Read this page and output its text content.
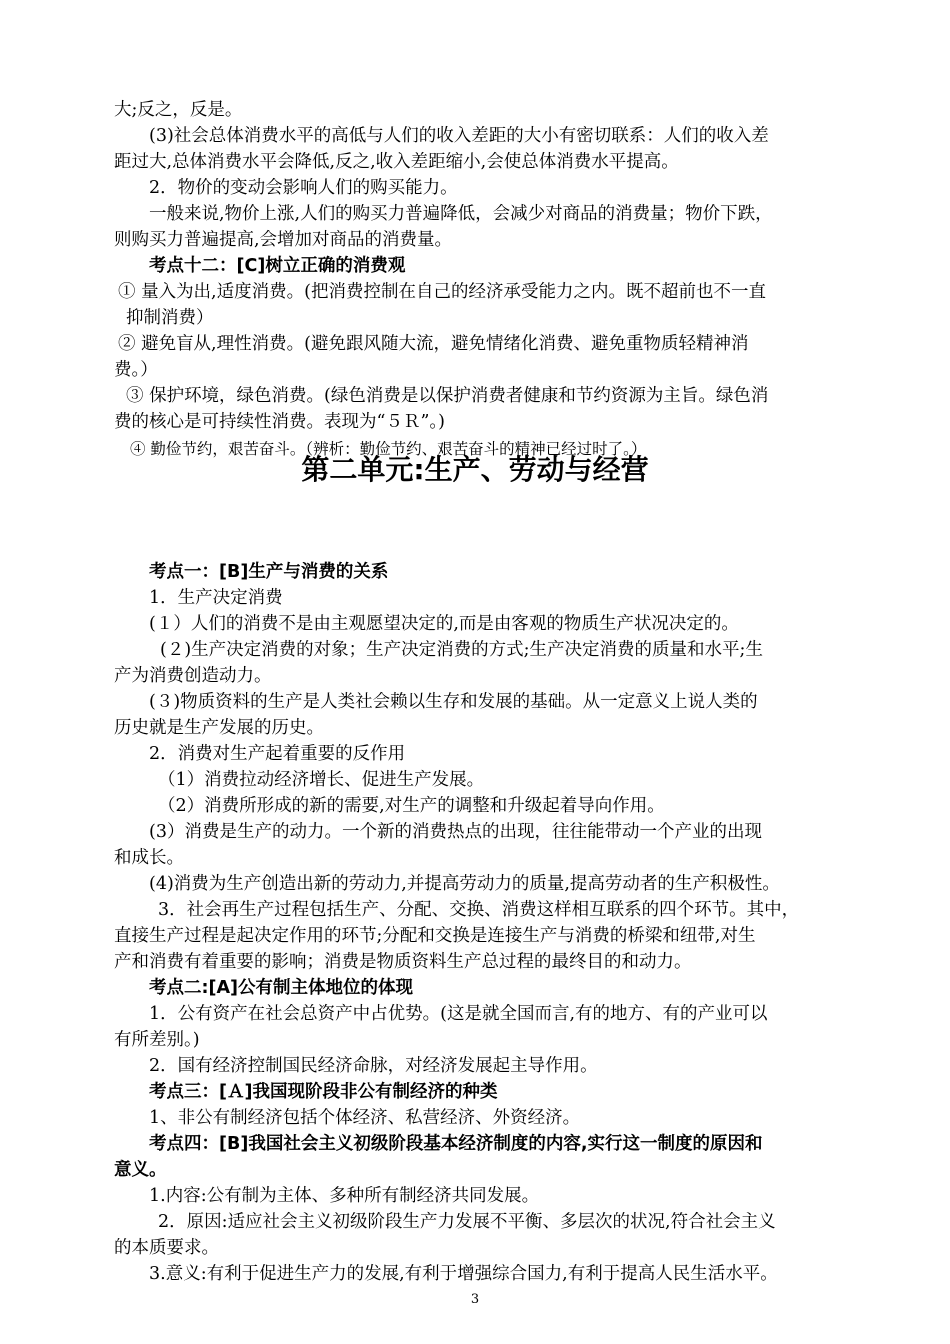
大;反之，反是。
(3)社会总体消费水平的高低与人们的收入差距的大小有密切联系：人们的收入差
距过大,总体消费水平会降低,反之,收入差距缩小,会使总体消费水平提高。
2．物价的变动会影响人们的购买能力。
一般来说,物价上涨,人们的购买力普遍降低，会减少对商品的消费量；物价下跌，
则购买力普遍提高,会增加对商品的消费量。
考点十二：[C]树立正确的消费观
① 量入为出,适度消费。(把消费控制在自己的经济承受能力之内。既不超前也不一直
抑制消费）
② 避免盲从,理性消费。(避免跟风随大流，避免情绪化消费、避免重物质轻精神消
费。）
③ 保护环境，绿色消费。(绿色消费是以保护消费者健康和节约资源为主旨。绿色消
费的核心是可持续性消费。表现为“５Ｒ”。)
④ 勤俭节约，艰苦奋斗。（辨析：勤俭节约、艰苦奋斗的精神已经过时了。）
第二单元:生产、劳动与经营
考点一：[B]生产与消费的关系
1．生产决定消费
(１）人们的消费不是由主观愿望决定的,而是由客观的物质生产状况决定的。
(２)生产决定消费的对象；生产决定消费的方式;生产决定消费的质量和水平;生
产为消费创造动力。
(３)物质资料的生产是人类社会赖以生存和发展的基础。从一定意义上说人类的
历史就是生产发展的历史。
2．消费对生产起着重要的反作用
（1）消费拉动经济增长、促进生产发展。
（2）消费所形成的新的需要,对生产的调整和升级起着导向作用。
(3）消费是生产的动力。一个新的消费热点的出现，往往能带动一个产业的出现
和成长。
(4)消费为生产创造出新的劳动力,并提高劳动力的质量,提高劳动者的生产积极性。
3．社会再生产过程包括生产、分配、交换、消费这样相互联系的四个环节。其中，
直接生产过程是起决定作用的环节;分配和交换是连接生产与消费的桥梁和纽带,对生
产和消费有着重要的影响；消费是物质资料生产总过程的最终目的和动力。
考点二:[A]公有制主体地位的体现
1．公有资产在社会总资产中占优势。(这是就全国而言,有的地方、有的产业可以
有所差别。)
2．国有经济控制国民经济命脉，对经济发展起主导作用。
考点三：[Ａ]我国现阶段非公有制经济的种类
1、非公有制经济包括个体经济、私营经济、外资经济。
考点四：[B]我国社会主义初级阶段基本经济制度的内容,实行这一制度的原因和
意义。
1.内容:公有制为主体、多种所有制经济共同发展。
2．原因:适应社会主义初级阶段生产力发展不平衡、多层次的状况,符合社会主义
的本质要求。
3.意义:有利于促进生产力的发展,有利于增强综合国力,有利于提高人民生活水平。
3
